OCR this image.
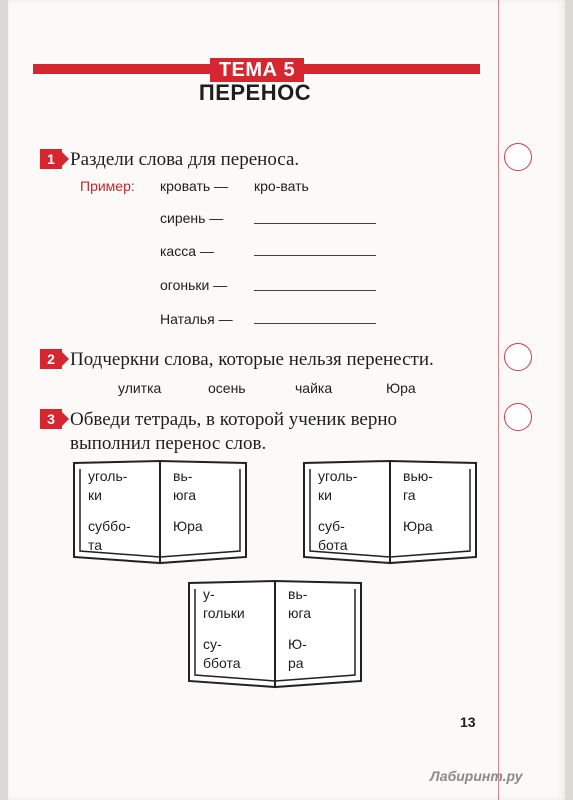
ТЕМА 5
ПЕРЕНОС
1 Раздели слова для переноса.
Пример: кровать — кро-вать
сирень —
касса —
огоньки —
Наталья —
2 Подчеркни слова, которые нельзя перенести.
улитка	осень	чайка	Юра
3 Обведи тетрадь, в которой ученик верно выполнил перенос слов.
уголь-
ки
суббо-
та
вь-
юга
Юра
уголь-
ки
суб-
бота
вью-
га
Юра
у-
гольки
су-
ббота
вь-
юга
Ю-
ра
13
Лабиринт.ру
